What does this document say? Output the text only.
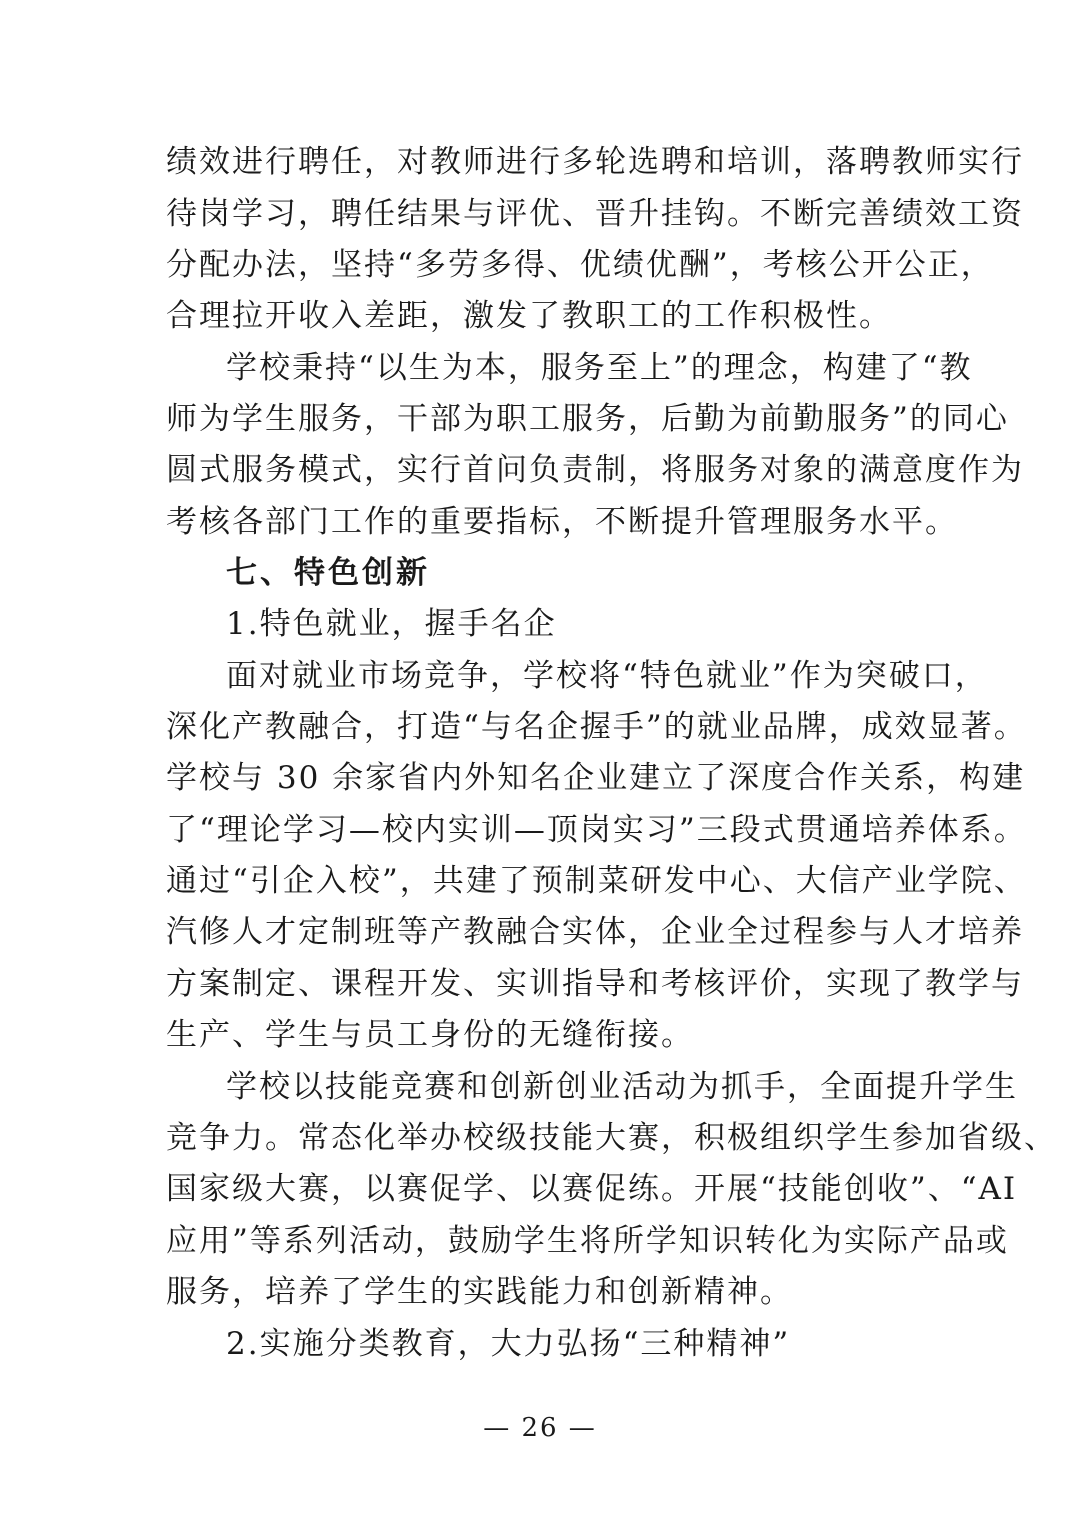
绩效进行聘任，对教师进行多轮选聘和培训，落聘教师实行
待岗学习，聘任结果与评优、晋升挂钩。不断完善绩效工资
分配办法，坚持“多劳多得、优绩优酬”，考核公开公正，
合理拉开收入差距，激发了教职工的工作积极性。
学校秉持“以生为本，服务至上”的理念，构建了“教
师为学生服务，干部为职工服务，后勤为前勤服务”的同心
圆式服务模式，实行首问负责制，将服务对象的满意度作为
考核各部门工作的重要指标，不断提升管理服务水平。
七、特色创新
1.特色就业，握手名企
面对就业市场竞争，学校将“特色就业”作为突破口，
深化产教融合，打造“与名企握手”的就业品牌，成效显著。
学校与 30 余家省内外知名企业建立了深度合作关系，构建
了“理论学习—校内实训—顶岗实习”三段式贯通培养体系。
通过“引企入校”，共建了预制菜研发中心、大信产业学院、
汽修人才定制班等产教融合实体，企业全过程参与人才培养
方案制定、课程开发、实训指导和考核评价，实现了教学与
生产、学生与员工身份的无缝衔接。
学校以技能竞赛和创新创业活动为抓手，全面提升学生
竞争力。常态化举办校级技能大赛，积极组织学生参加省级、
国家级大赛，以赛促学、以赛促练。开展“技能创收”、“AI
应用”等系列活动，鼓励学生将所学知识转化为实际产品或
服务，培养了学生的实践能力和创新精神。
2.实施分类教育，大力弘扬“三种精神”
— 26 —
